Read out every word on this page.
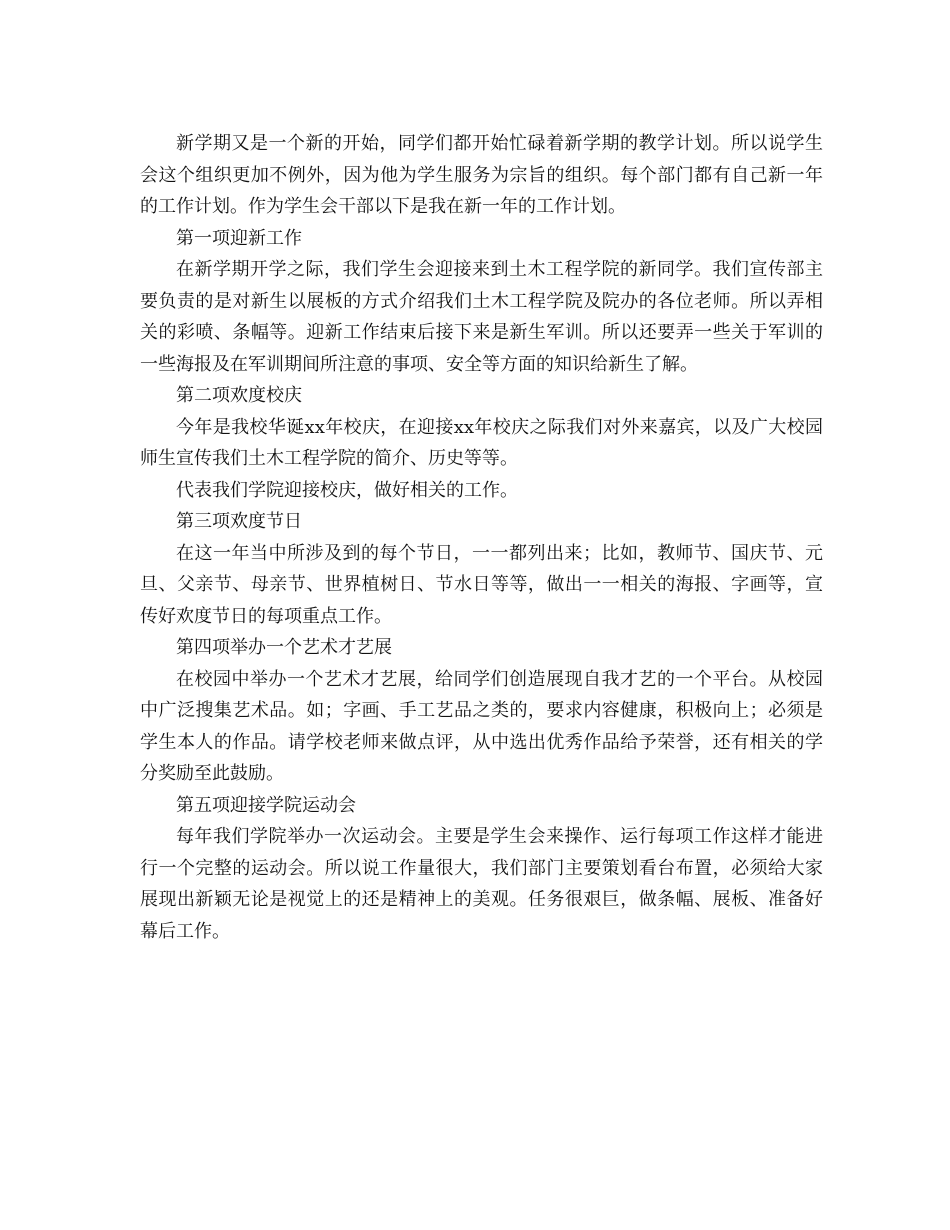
新学期又是一个新的开始，同学们都开始忙碌着新学期的教学计划。所以说学生会这个组织更加不例外，因为他为学生服务为宗旨的组织。每个部门都有自己新一年的工作计划。作为学生会干部以下是我在新一年的工作计划。

第一项迎新工作

在新学期开学之际，我们学生会迎接来到土木工程学院的新同学。我们宣传部主要负责的是对新生以展板的方式介绍我们土木工程学院及院办的各位老师。所以弄相关的彩喷、条幅等。迎新工作结束后接下来是新生军训。所以还要弄一些关于军训的一些海报及在军训期间所注意的事项、安全等方面的知识给新生了解。

第二项欢度校庆

今年是我校华诞xx年校庆，在迎接xx年校庆之际我们对外来嘉宾，以及广大校园师生宣传我们土木工程学院的简介、历史等等。

代表我们学院迎接校庆，做好相关的工作。

第三项欢度节日

在这一年当中所涉及到的每个节日，一一都列出来；比如，教师节、国庆节、元旦、父亲节、母亲节、世界植树日、节水日等等，做出一一相关的海报、字画等，宣传好欢度节日的每项重点工作。

第四项举办一个艺术才艺展

在校园中举办一个艺术才艺展，给同学们创造展现自我才艺的一个平台。从校园中广泛搜集艺术品。如；字画、手工艺品之类的，要求内容健康，积极向上；必须是学生本人的作品。请学校老师来做点评，从中选出优秀作品给予荣誉，还有相关的学分奖励至此鼓励。

第五项迎接学院运动会

每年我们学院举办一次运动会。主要是学生会来操作、运行每项工作这样才能进行一个完整的运动会。所以说工作量很大，我们部门主要策划看台布置，必须给大家展现出新颖无论是视觉上的还是精神上的美观。任务很艰巨，做条幅、展板、准备好幕后工作。
